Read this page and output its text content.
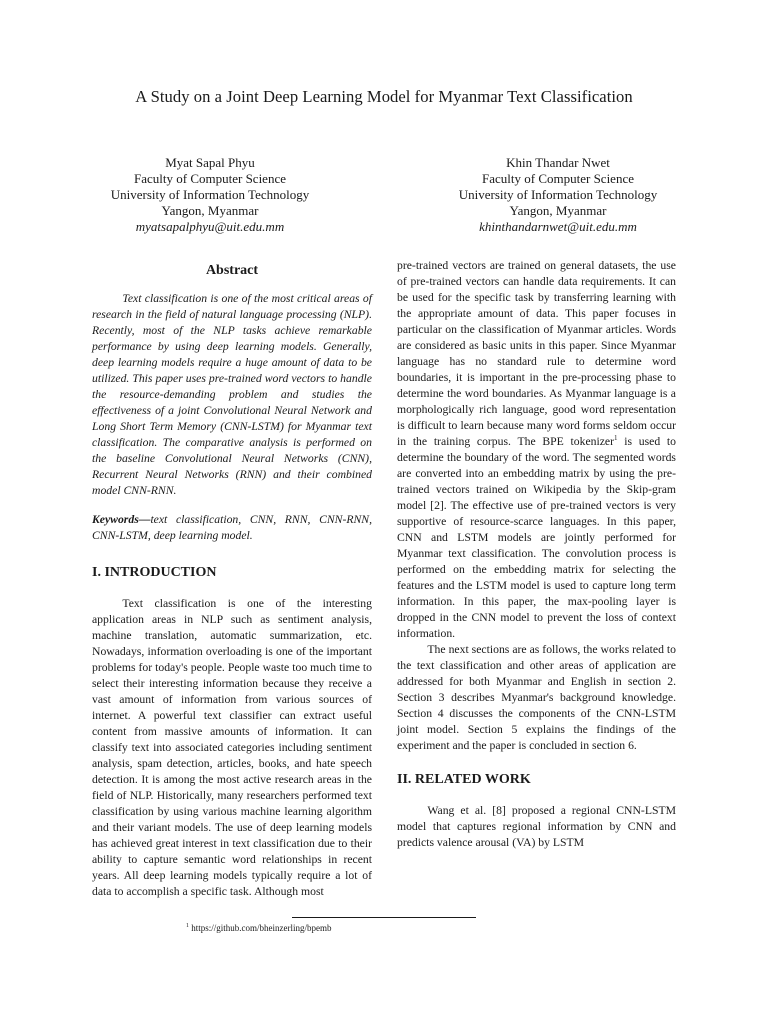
A Study on a Joint Deep Learning Model for Myanmar Text Classification
Myat Sapal Phyu
Faculty of Computer Science
University of Information Technology
Yangon, Myanmar
myatsapalphyu@uit.edu.mm
Khin Thandar Nwet
Faculty of Computer Science
University of Information Technology
Yangon, Myanmar
khinthandarnwet@uit.edu.mm
Abstract

Text classification is one of the most critical areas of research in the field of natural language processing (NLP). Recently, most of the NLP tasks achieve remarkable performance by using deep learning models. Generally, deep learning models require a huge amount of data to be utilized. This paper uses pre-trained word vectors to handle the resource-demanding problem and studies the effectiveness of a joint Convolutional Neural Network and Long Short Term Memory (CNN-LSTM) for Myanmar text classification. The comparative analysis is performed on the baseline Convolutional Neural Networks (CNN), Recurrent Neural Networks (RNN) and their combined model CNN-RNN.

Keywords—text classification, CNN, RNN, CNN-RNN, CNN-LSTM, deep learning model.

I. INTRODUCTION

Text classification is one of the interesting application areas in NLP such as sentiment analysis, machine translation, automatic summarization, etc. Nowadays, information overloading is one of the important problems for today's people. People waste too much time to select their interesting information because they receive a vast amount of information from various sources of internet. A powerful text classifier can extract useful content from massive amounts of information. It can classify text into associated categories including sentiment analysis, spam detection, articles, books, and hate speech detection. It is among the most active research areas in the field of NLP. Historically, many researchers performed text classification by using various machine learning algorithm and their variant models. The use of deep learning models has achieved great interest in text classification due to their ability to capture semantic word relationships in recent years. All deep learning models typically require a lot of data to accomplish a specific task. Although most

pre-trained vectors are trained on general datasets, the use of pre-trained vectors can handle data requirements. It can be used for the specific task by transferring learning with the appropriate amount of data. This paper focuses in particular on the classification of Myanmar articles. Words are considered as basic units in this paper. Since Myanmar language has no standard rule to determine word boundaries, it is important in the pre-processing phase to determine the word boundaries. As Myanmar language is a morphologically rich language, good word representation is difficult to learn because many word forms seldom occur in the training corpus. The BPE tokenizer$^1$ is used to determine the boundary of the word. The segmented words are converted into an embedding matrix by using the pre-trained vectors trained on Wikipedia by the Skip-gram model [2]. The effective use of pre-trained vectors is very supportive of resource-scarce languages. In this paper, CNN and LSTM models are jointly performed for Myanmar text classification. The convolution process is performed on the embedding matrix for selecting the features and the LSTM model is used to capture long term information. In this paper, the max-pooling layer is dropped in the CNN model to prevent the loss of context information.

The next sections are as follows, the works related to the text classification and other areas of application are addressed for both Myanmar and English in section 2. Section 3 describes Myanmar's background knowledge. Section 4 discusses the components of the CNN-LSTM joint model. Section 5 explains the findings of the experiment and the paper is concluded in section 6.

II. RELATED WORK

Wang et al. [8] proposed a regional CNN-LSTM model that captures regional information by CNN and predicts valence arousal (VA) by LSTM

$^1$ https://github.com/bheinzerling/bpemb
